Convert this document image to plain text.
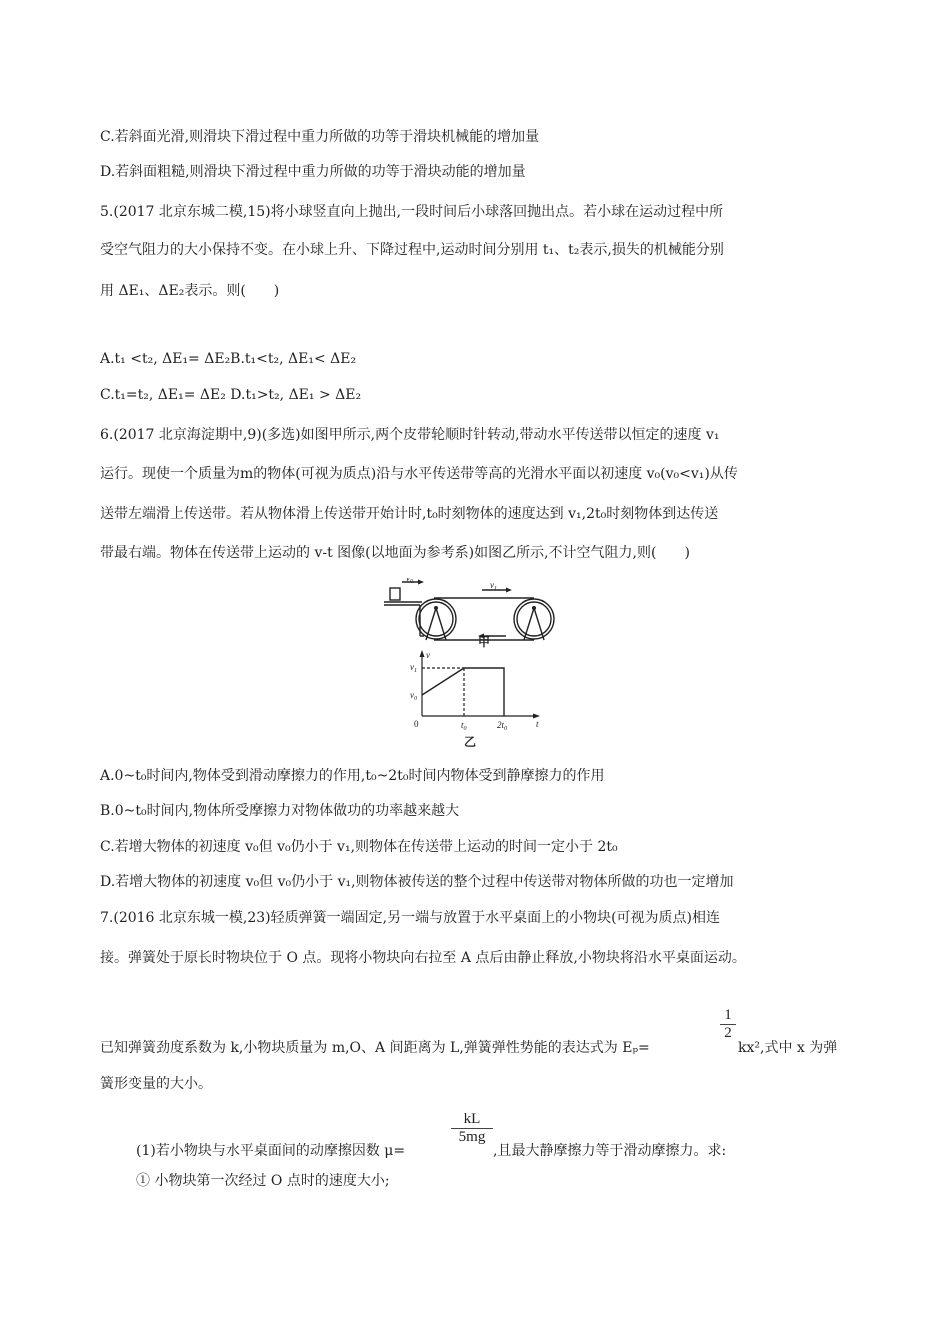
C.若斜面光滑,则滑块下滑过程中重力所做的功等于滑块机械能的增加量
D.若斜面粗糙,则滑块下滑过程中重力所做的功等于滑块动能的增加量
5.(2017 北京东城二模,15)将小球竖直向上抛出,一段时间后小球落回抛出点。若小球在运动过程中所
受空气阻力的大小保持不变。在小球上升、下降过程中,运动时间分别用 t₁、t₂表示,损失的机械能分别
用 ΔE₁、ΔE₂表示。则(　　)
A.t₁ <t₂, ΔE₁= ΔE₂B.t₁<t₂, ΔE₁< ΔE₂
C.t₁=t₂, ΔE₁= ΔE₂ D.t₁>t₂, ΔE₁ > ΔE₂
6.(2017 北京海淀期中,9)(多选)如图甲所示,两个皮带轮顺时针转动,带动水平传送带以恒定的速度 v₁
运行。现使一个质量为m的物体(可视为质点)沿与水平传送带等高的光滑水平面以初速度 v₀(v₀<v₁)从传
送带左端滑上传送带。若从物体滑上传送带开始计时,t₀时刻物体的速度达到 v₁,2t₀时刻物体到达传送
带最右端。物体在传送带上运动的 v-t 图像(以地面为参考系)如图乙所示,不计空气阻力,则(　　)
$v_0$	$v_1$
甲
v
t
$v_1$
$v_0$
$t_0$	$2t_0$
0
乙
A.0~t₀时间内,物体受到滑动摩擦力的作用,t₀~2t₀时间内物体受到静摩擦力的作用
B.0~t₀时间内,物体所受摩擦力对物体做功的功率越来越大
C.若增大物体的初速度 v₀但 v₀仍小于 v₁,则物体在传送带上运动的时间一定小于 2t₀
D.若增大物体的初速度 v₀但 v₀仍小于 v₁,则物体被传送的整个过程中传送带对物体所做的功也一定增加
7.(2016 北京东城一模,23)轻质弹簧一端固定,另一端与放置于水平桌面上的小物块(可视为质点)相连
接。弹簧处于原长时物块位于 O 点。现将小物块向右拉至 A 点后由静止释放,小物块将沿水平桌面运动。
已知弹簧劲度系数为 k,小物块质量为 m,O、A 间距离为 L,弹簧弹性势能的表达式为 Eₚ=
$\frac{1}{2}$
kx²,式中 x 为弹
簧形变量的大小。
(1)若小物块与水平桌面间的动摩擦因数 μ=
$\frac{kL}{5mg}$
,且最大静摩擦力等于滑动摩擦力。求:
① 小物块第一次经过 O 点时的速度大小;
